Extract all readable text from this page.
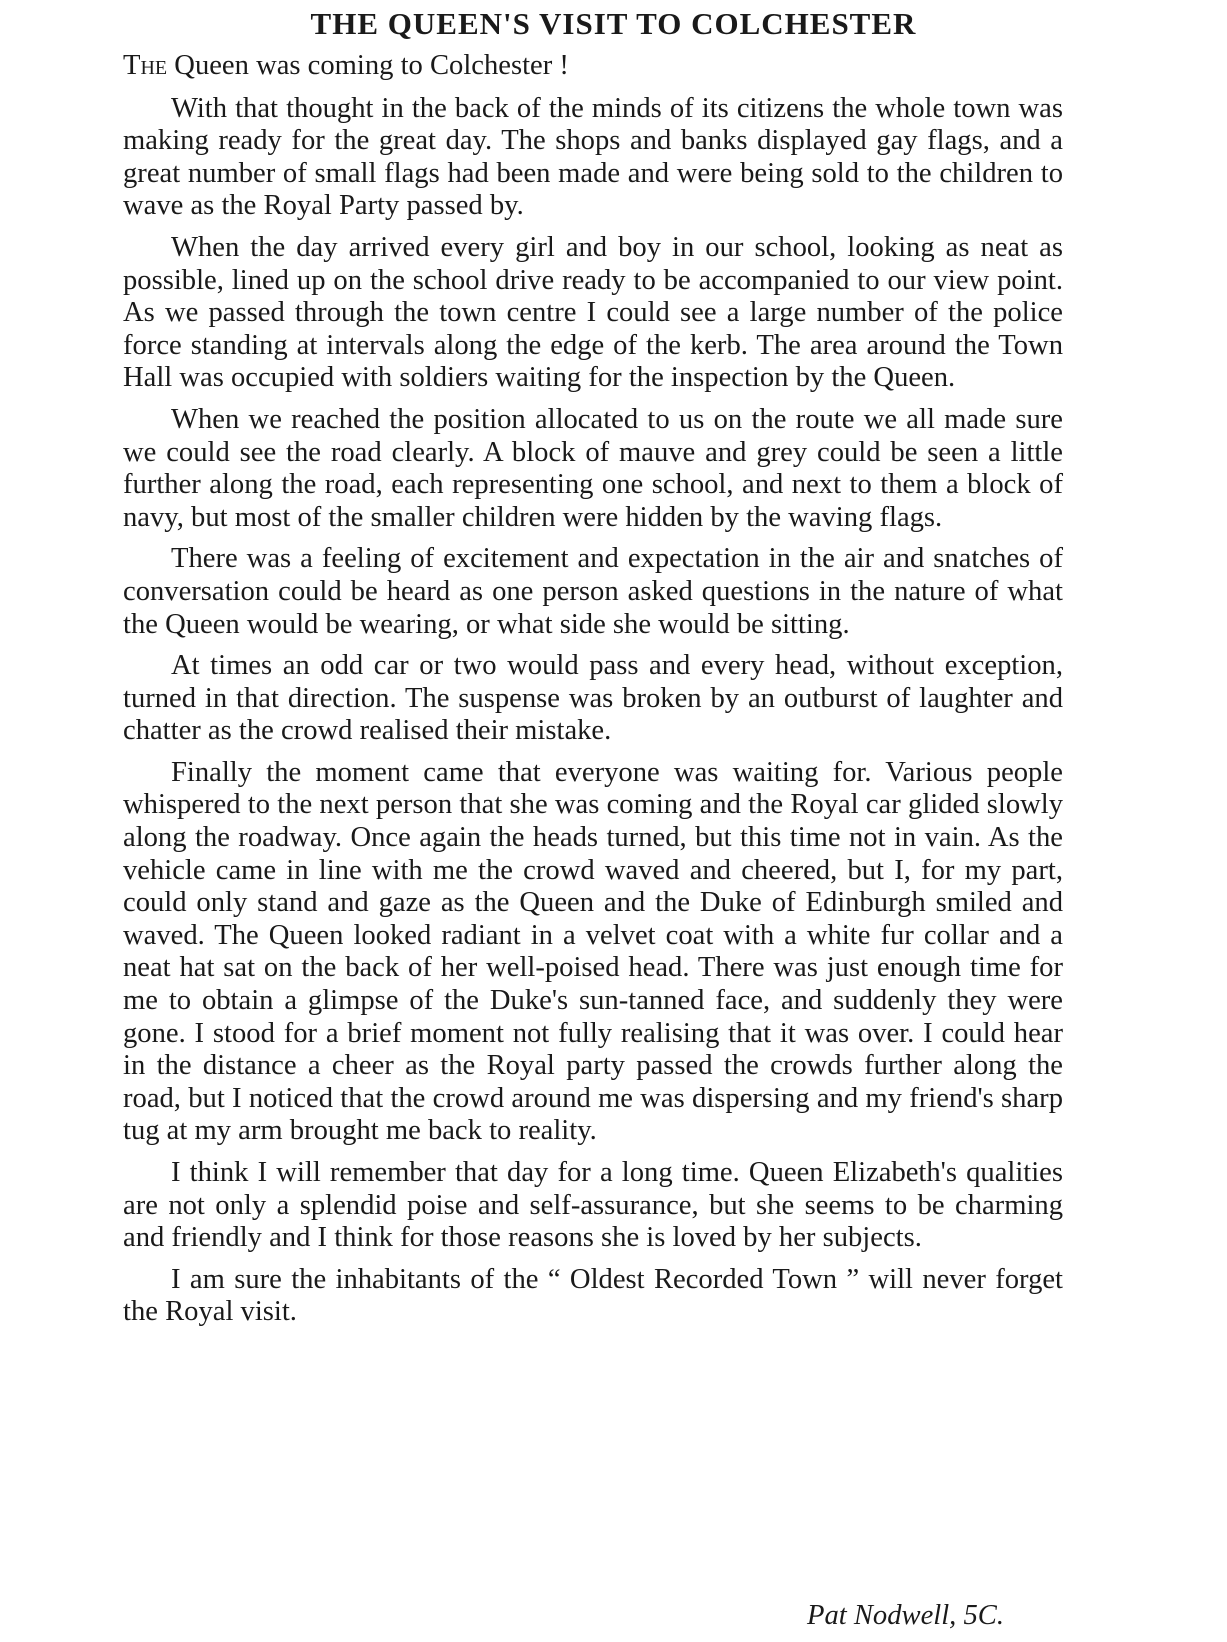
THE QUEEN'S VISIT TO COLCHESTER

The Queen was coming to Colchester !

With that thought in the back of the minds of its citizens the whole town was making ready for the great day. The shops and banks displayed gay flags, and a great number of small flags had been made and were being sold to the children to wave as the Royal Party passed by.

When the day arrived every girl and boy in our school, looking as neat as possible, lined up on the school drive ready to be accompanied to our view point. As we passed through the town centre I could see a large number of the police force standing at intervals along the edge of the kerb. The area around the Town Hall was occupied with soldiers waiting for the inspection by the Queen.

When we reached the position allocated to us on the route we all made sure we could see the road clearly. A block of mauve and grey could be seen a little further along the road, each representing one school, and next to them a block of navy, but most of the smaller children were hidden by the waving flags.

There was a feeling of excitement and expectation in the air and snatches of conversation could be heard as one person asked questions in the nature of what the Queen would be wearing, or what side she would be sitting.

At times an odd car or two would pass and every head, without exception, turned in that direction. The suspense was broken by an outburst of laughter and chatter as the crowd realised their mistake.

Finally the moment came that everyone was waiting for. Various people whispered to the next person that she was coming and the Royal car glided slowly along the roadway. Once again the heads turned, but this time not in vain. As the vehicle came in line with me the crowd waved and cheered, but I, for my part, could only stand and gaze as the Queen and the Duke of Edinburgh smiled and waved. The Queen looked radiant in a velvet coat with a white fur collar and a neat hat sat on the back of her well-poised head. There was just enough time for me to obtain a glimpse of the Duke's sun-tanned face, and suddenly they were gone. I stood for a brief moment not fully realising that it was over. I could hear in the distance a cheer as the Royal party passed the crowds further along the road, but I noticed that the crowd around me was dispersing and my friend's sharp tug at my arm brought me back to reality.

I think I will remember that day for a long time. Queen Elizabeth's qualities are not only a splendid poise and self-assurance, but she seems to be charming and friendly and I think for those reasons she is loved by her subjects.

I am sure the inhabitants of the “ Oldest Recorded Town ” will never forget the Royal visit.

Pat Nodwell, 5C.
